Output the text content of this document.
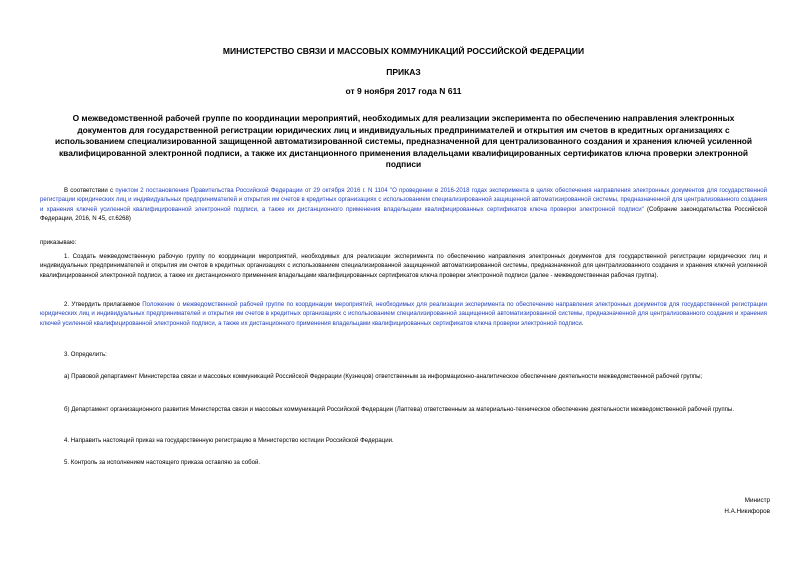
МИНИСТЕРСТВО СВЯЗИ И МАССОВЫХ КОММУНИКАЦИЙ РОССИЙСКОЙ ФЕДЕРАЦИИ
ПРИКАЗ
от 9 ноября 2017 года N 611
О межведомственной рабочей группе по координации мероприятий, необходимых для реализации эксперимента по обеспечению направления электронных документов для государственной регистрации юридических лиц и индивидуальных предпринимателей и открытия им счетов в кредитных организациях с использованием специализированной защищенной автоматизированной системы, предназначенной для централизованного создания и хранения ключей усиленной квалифицированной электронной подписи, а также их дистанционного применения владельцами квалифицированных сертификатов ключа проверки электронной подписи
В соответствии с пунктом 2 постановления Правительства Российской Федерации от 29 октября 2016 г. N 1104 "О проведении в 2016-2018 годах эксперимента в целях обеспечения направления электронных документов для государственной регистрации юридических лиц и индивидуальных предпринимателей и открытия им счетов в кредитных организациях с использованием специализированной защищенной автоматизированной системы, предназначенной для централизованного создания и хранения ключей усиленной квалифицированной электронной подписи, а также их дистанционного применения владельцами квалифицированных сертификатов ключа проверки электронной подписи" (Собрание законодательства Российской Федерации, 2016, N 45, ст.6268)
приказываю:
1. Создать межведомственную рабочую группу по координации мероприятий, необходимых для реализации эксперимента по обеспечению направления электронных документов для государственной регистрации юридических лиц и индивидуальных предпринимателей и открытия им счетов в кредитных организациях с использованием специализированной защищенной автоматизированной системы, предназначенной для централизованного создания и хранения ключей усиленной квалифицированной электронной подписи, а также их дистанционного применения владельцами квалифицированных сертификатов ключа проверки электронной подписи (далее - межведомственная рабочая группа).
2. Утвердить прилагаемое Положение о межведомственной рабочей группе по координации мероприятий, необходимых для реализации эксперимента по обеспечению направления электронных документов для государственной регистрации юридических лиц и индивидуальных предпринимателей и открытия им счетов в кредитных организациях с использованием специализированной защищенной автоматизированной системы, предназначенной для централизованного создания и хранения ключей усиленной квалифицированной электронной подписи, а также их дистанционного применения владельцами квалифицированных сертификатов ключа проверки электронной подписи.
3. Определить:
а) Правовой департамент Министерства связи и массовых коммуникаций Российской Федерации (Кузнецов) ответственным за информационно-аналитическое обеспечение деятельности межведомственной рабочей группы;
б) Департамент организационного развития Министерства связи и массовых коммуникаций Российской Федерации (Лаптева) ответственным за материально-техническое обеспечение деятельности межведомственной рабочей группы.
4. Направить настоящий приказ на государственную регистрацию в Министерство юстиции Российской Федерации.
5. Контроль за исполнением настоящего приказа оставляю за собой.
Министр
Н.А.Никифоров
